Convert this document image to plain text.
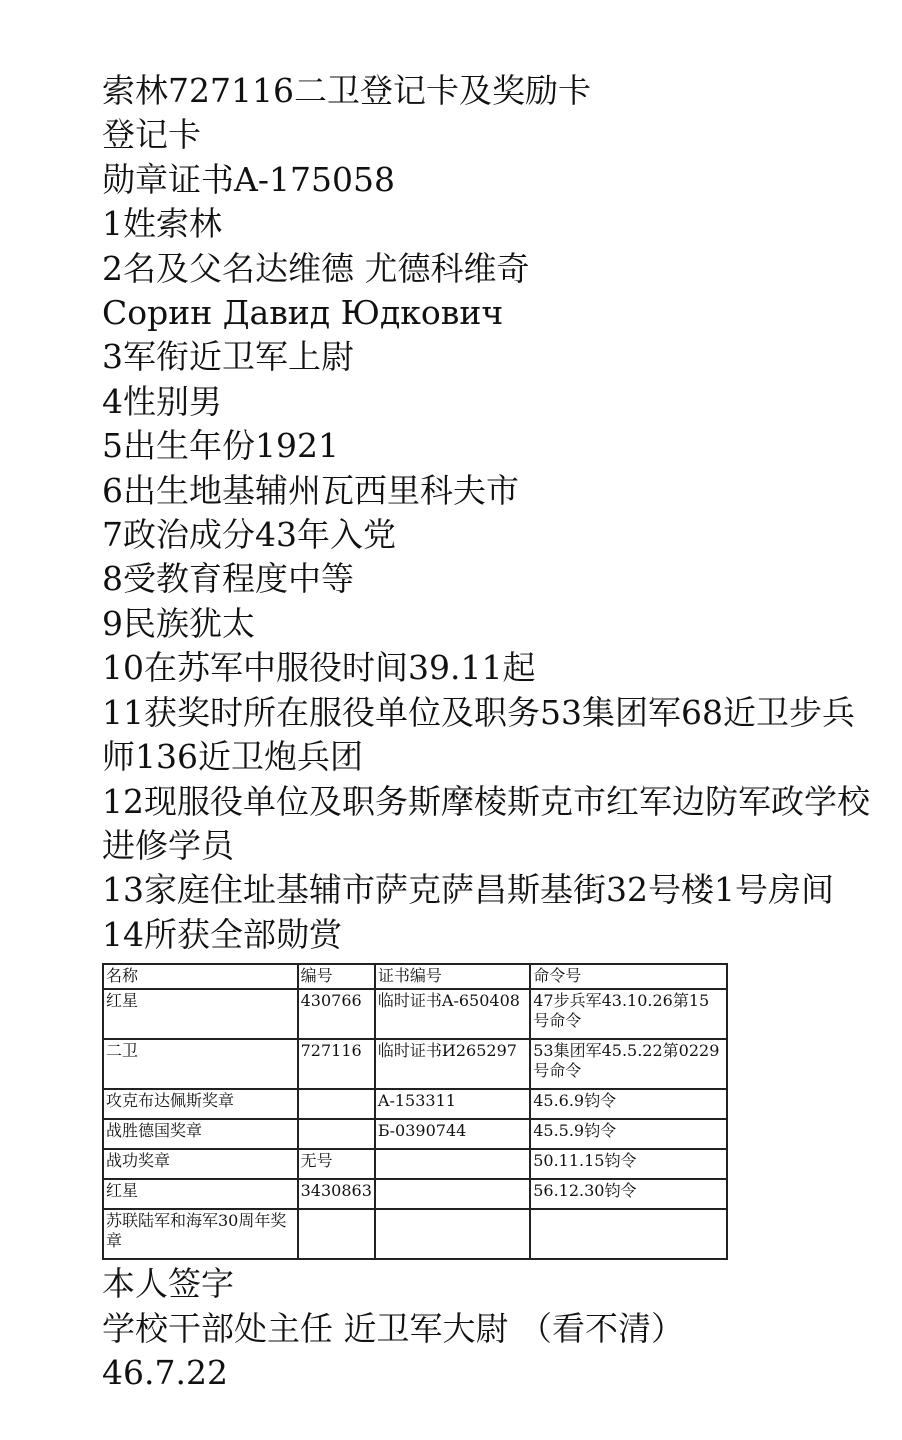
索林727116二卫登记卡及奖励卡
登记卡
勋章证书A-175058
1姓索林
2名及父名达维德 尤德科维奇
Сорин Давид Юдкович
3军衔近卫军上尉
4性别男
5出生年份1921
6出生地基辅州瓦西里科夫市
7政治成分43年入党
8受教育程度中等
9民族犹太
10在苏军中服役时间39.11起
11获奖时所在服役单位及职务53集团军68近卫步兵师136近卫炮兵团
12现服役单位及职务斯摩棱斯克市红军边防军政学校进修学员
13家庭住址基辅市萨克萨昌斯基街32号楼1号房间
14所获全部勋赏
名称	编号	证书编号	命令号
红星	430766	临时证书A-650408	47步兵军43.10.26第15号命令
二卫	727116	临时证书И265297	53集团军45.5.22第0229号命令
攻克布达佩斯奖章		A-153311	45.6.9钧令
战胜德国奖章		Б-0390744	45.5.9钧令
战功奖章	无号		50.11.15钧令
红星	3430863		56.12.30钧令
苏联陆军和海军30周年奖章			
本人签字
学校干部处主任 近卫军大尉 （看不清）
46.7.22
